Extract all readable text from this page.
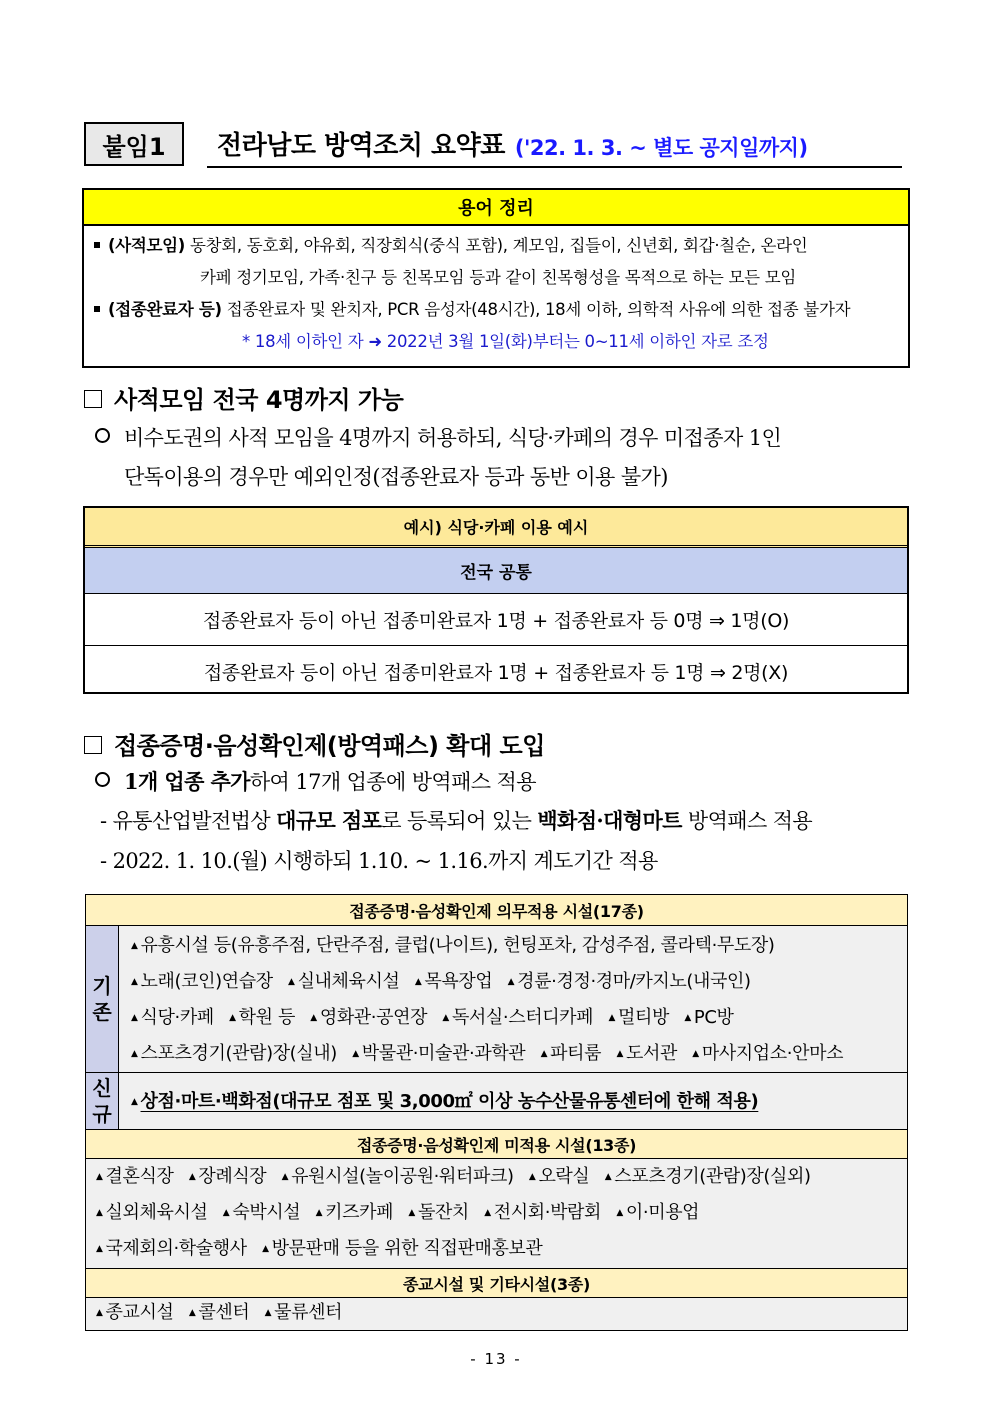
붙임1	전라남도 방역조치 요약표 ('22. 1. 3. ~ 별도 공지일까지)
용어 정리
(사적모임) 동창회, 동호회, 야유회, 직장회식(중식 포함), 계모임, 집들이, 신년회, 회갑·칠순, 온라인
카페 정기모임, 가족·친구 등 친목모임 등과 같이 친목형성을 목적으로 하는 모든 모임
(접종완료자 등) 접종완료자 및 완치자, PCR 음성자(48시간), 18세 이하, 의학적 사유에 의한 접종 불가자
* 18세 이하인 자 ➜ 2022년 3월 1일(화)부터는 0~11세 이하인 자로 조정
사적모임 전국 4명까지 가능
비수도권의 사적 모임을 4명까지 허용하되, 식당·카페의 경우 미접종자 1인
단독이용의 경우만 예외인정(접종완료자 등과 동반 이용 불가)
예시) 식당·카페 이용 예시
전국 공통
접종완료자 등이 아닌 접종미완료자 1명 + 접종완료자 등 0명 ⇒ 1명(O)
접종완료자 등이 아닌 접종미완료자 1명 + 접종완료자 등 1명 ⇒ 2명(X)
접종증명·음성확인제(방역패스) 확대 도입
1개 업종 추가하여 17개 업종에 방역패스 적용
- 유통산업발전법상 대규모 점포로 등록되어 있는 백화점·대형마트 방역패스 적용
- 2022. 1. 10.(월) 시행하되 1.10. ~ 1.16.까지 계도기간 적용
접종증명·음성확인제 의무적용 시설(17종)
기
존
▲ 유흥시설 등(유흥주점, 단란주점, 클럽(나이트), 헌팅포차, 감성주점, 콜라텍·무도장)
▲ 노래(코인)연습장 ▲ 실내체육시설 ▲ 목욕장업 ▲ 경륜·경정·경마/카지노(내국인)
▲ 식당·카페 ▲ 학원 등 ▲ 영화관·공연장 ▲ 독서실·스터디카페 ▲ 멀티방 ▲ PC방
▲ 스포츠경기(관람)장(실내) ▲ 박물관·미술관·과학관 ▲ 파티룸 ▲ 도서관 ▲ 마사지업소·안마소
신
규 ▲ 상점·마트·백화점(대규모 점포 및 3,000㎡ 이상 농수산물유통센터에 한해 적용)
접종증명·음성확인제 미적용 시설(13종)
▲ 결혼식장 ▲ 장례식장 ▲ 유원시설(놀이공원·워터파크) ▲ 오락실 ▲ 스포츠경기(관람)장(실외)
▲ 실외체육시설 ▲ 숙박시설 ▲ 키즈카페 ▲ 돌잔치 ▲ 전시회·박람회 ▲ 이·미용업
▲ 국제회의·학술행사 ▲ 방문판매 등을 위한 직접판매홍보관
종교시설 및 기타시설(3종)
▲ 종교시설 ▲ 콜센터 ▲ 물류센터
- 13 -
